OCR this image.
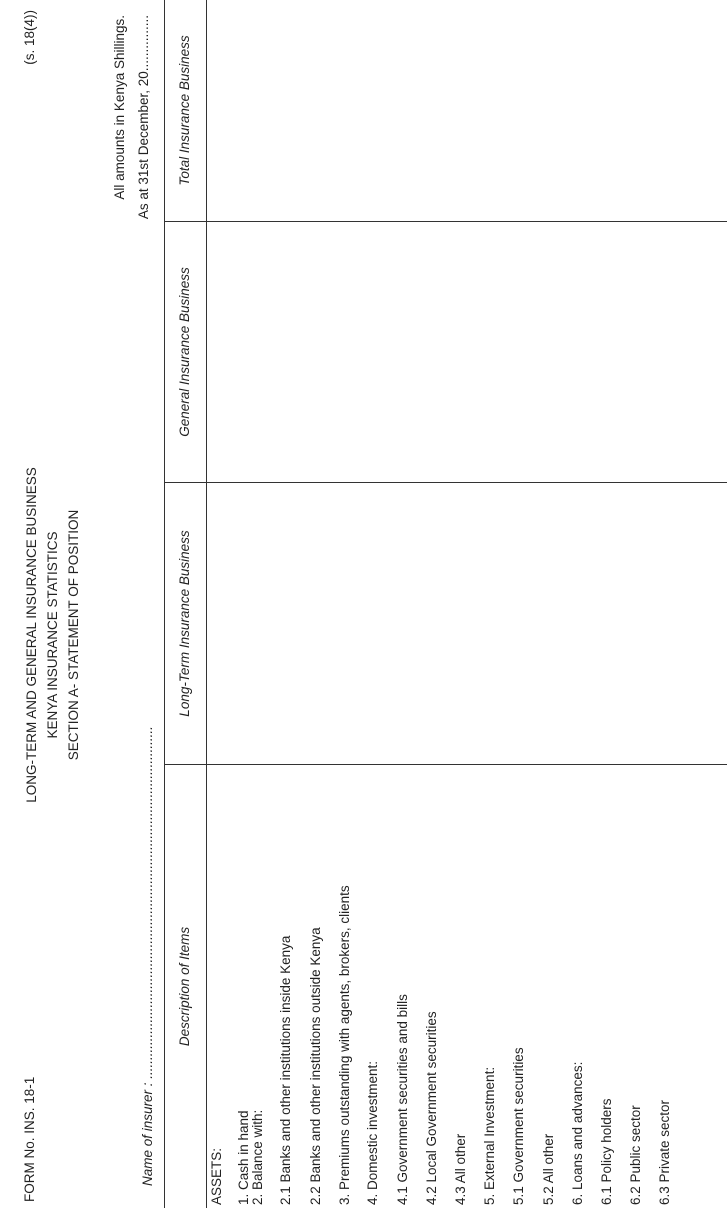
FORM No. INS. 18-1
(s. 18(4))
LONG-TERM AND GENERAL INSURANCE BUSINESS KENYA INSURANCE STATISTICS SECTION A- STATEMENT OF POSITION
All amounts in Kenya Shillings. As at 31st December, 20...............
Name of insurer : .............................................................................................. Description of Items
Long-Term Insurance Business
General Insurance Business
Total Insurance Business
ASSETS: 1. Cash in hand 2. Balance with: 2.1 Banks and other institutions inside Kenya 2.2 Banks and other institutions outside Kenya 3. Premiums outstanding with agents, brokers, clients 4. Domestic investment: 4.1 Government securities and bills 4.2 Local Government securities 4.3 All other 5. External Investment: 5.1 Government securities 5.2 All other 6. Loans and advances: 6.1 Policy holders 6.2 Public sector 6.3 Private sector
